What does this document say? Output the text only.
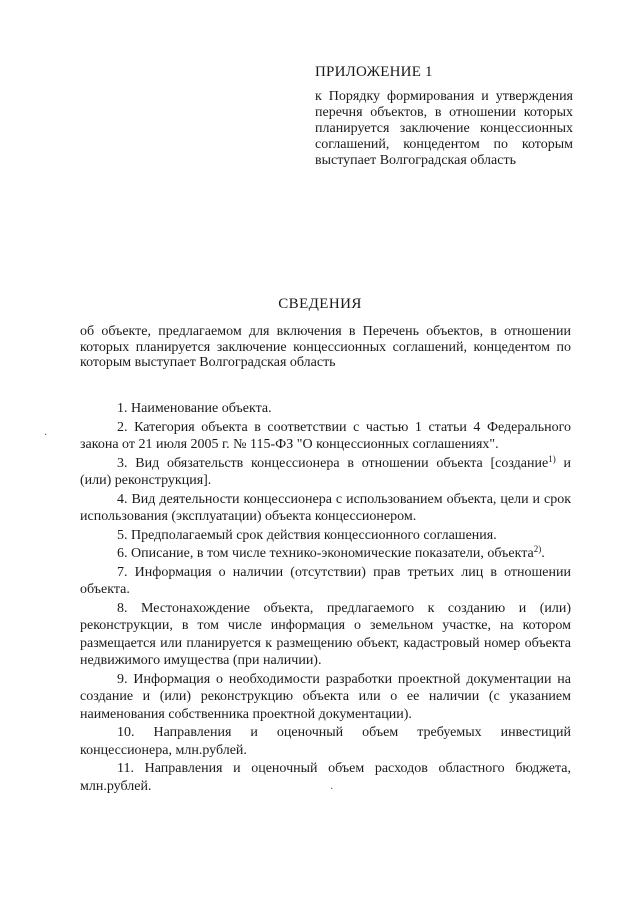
ПРИЛОЖЕНИЕ 1
к Порядку формирования и утверждения перечня объектов, в отношении которых планируется заключение концессионных соглашений, концедентом по которым выступает Волгоградская область
СВЕДЕНИЯ
об объекте, предлагаемом для включения в Перечень объектов, в отношении которых планируется заключение концессионных соглашений, концедентом по которым выступает Волгоградская область

1. Наименование объекта.

2. Категория объекта в соответствии с частью 1 статьи 4 Федерального закона от 21 июля 2005 г. № 115-ФЗ "О концессионных соглашениях".

3. Вид обязательств концессионера в отношении объекта [создание$^{1)}$ и (или) реконструкция].

4. Вид деятельности концессионера с использованием объекта, цели и срок использования (эксплуатации) объекта концессионером.

5. Предполагаемый срок действия концессионного соглашения.

6. Описание, в том числе технико-экономические показатели, объекта$^{2)}$.

7. Информация о наличии (отсутствии) прав третьих лиц в отношении объекта.

8. Местонахождение объекта, предлагаемого к созданию и (или) реконструкции, в том числе информация о земельном участке, на котором размещается или планируется к размещению объект, кадастровый номер объекта недвижимого имущества (при наличии).

9. Информация о необходимости разработки проектной документации на создание и (или) реконструкцию объекта или о ее наличии (с указанием наименования собственника проектной документации).

10. Направления и оценочный объем требуемых инвестиций концессионера, млн.рублей.

11. Направления и оценочный объем расходов областного бюджета, млн.рублей.

·
·
